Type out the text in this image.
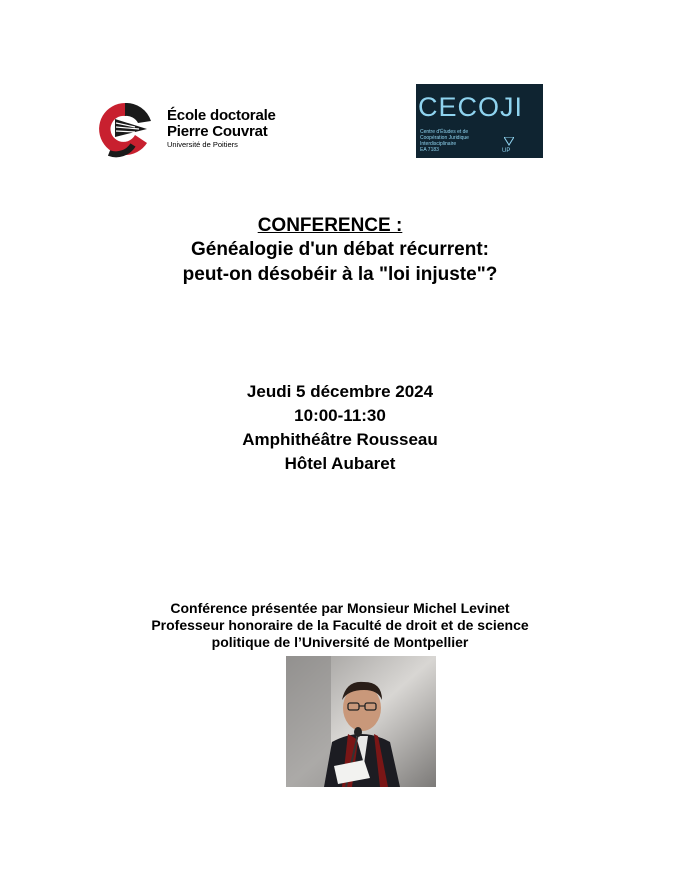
École doctorale
Pierre Couvrat
Université de Poitiers
CECOJI
Centre d'Études et de
Coopération Juridique
Interdisciplinaire
EA 7183	UP
CONFERENCE :
Généalogie d'un débat récurrent:
peut-on désobéir à la "loi injuste"?
Jeudi 5 décembre 2024
10:00-11:30
Amphithéâtre Rousseau
Hôtel Aubaret
Conférence présentée par Monsieur Michel Levinet
Professeur honoraire de la Faculté de droit et de science
politique de l’Université de Montpellier
